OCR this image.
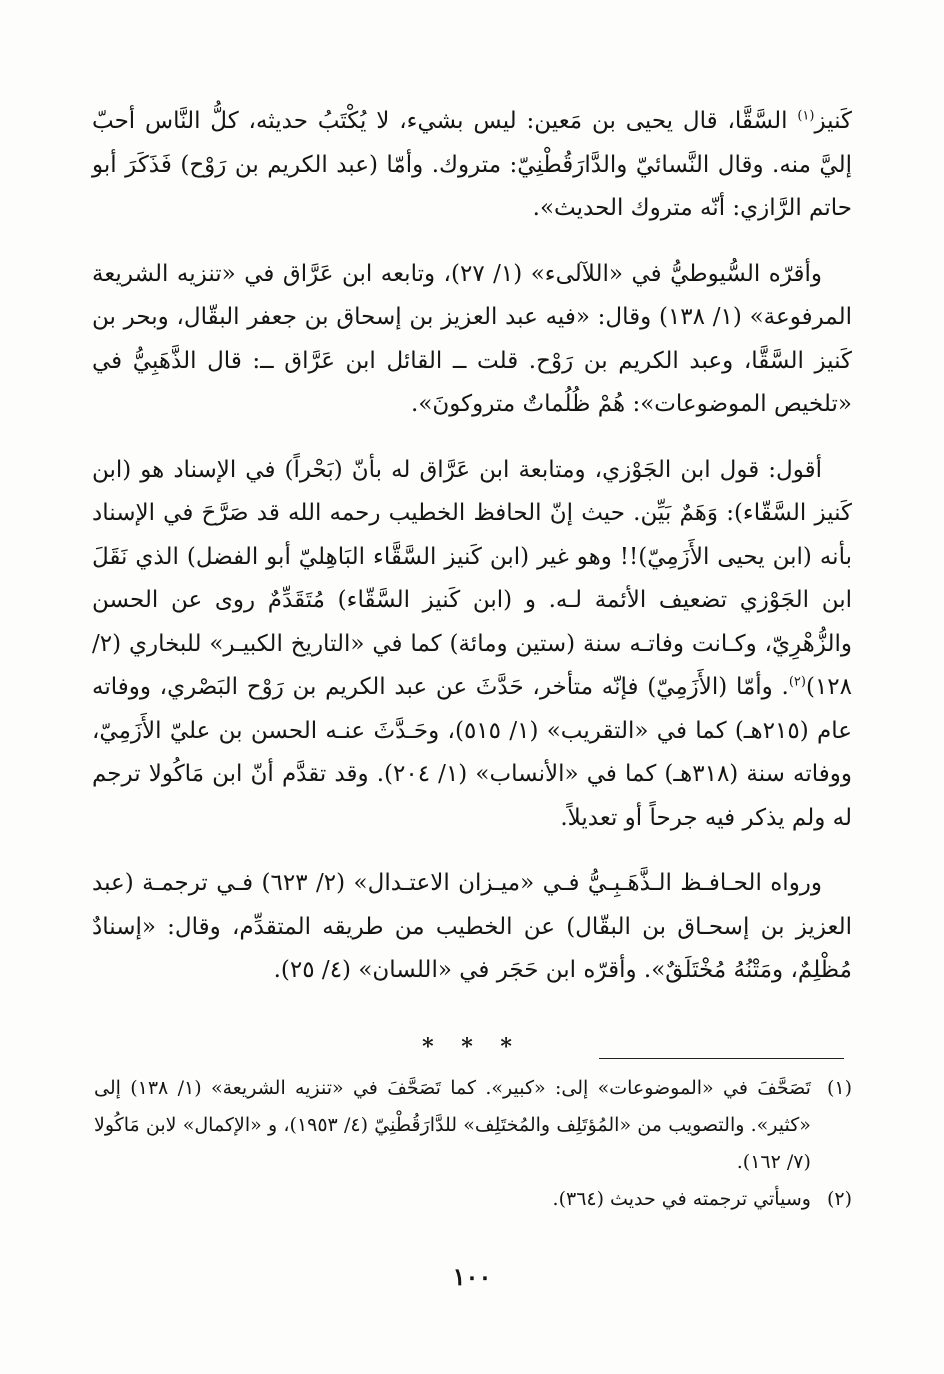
كَنيز$^{(١)}$ السَّقَّا، قال يحيى بن مَعين: ليس بشيء، لا يُكْتَبُ حديثه، كلُّ النَّاس أحبّ إليَّ منه. وقال النَّسائيّ والدَّارَقُطْنِيّ: متروك. وأمّا (عبد الكريم بن رَوْح) فَذَكَرَ أبو حاتم الرَّازي: أنّه متروك الحديث».

وأقرّه السُّيوطيُّ في «اللآلىء» (١/ ٢٧)، وتابعه ابن عَرَّاق في «تنزيه الشريعة المرفوعة» (١/ ١٣٨) وقال: «فيه عبد العزيز بن إسحاق بن جعفر البقّال، وبحر بن كَنيز السَّقَّا، وعبد الكريم بن رَوْح. قلت ــ القائل ابن عَرَّاق ــ: قال الذَّهَبِيُّ في «تلخيص الموضوعات»: هُمْ ظُلُماتٌ متروكونَ».

أقول: قول ابن الجَوْزي، ومتابعة ابن عَرَّاق له بأنّ (بَحْراً) في الإسناد هو (ابن كَنيز السَّقّاء): وَهَمٌ بَيِّن. حيث إنّ الحافظ الخطيب رحمه الله قد صَرَّحَ في الإسناد بأنه (ابن يحيى الأَزَمِيّ)!! وهو غير (ابن كَنيز السَّقَّاء البَاهِليّ أبو الفضل) الذي نَقَلَ ابن الجَوْزي تضعيف الأئمة لـه. و (ابن كَنيز السَّقّاء) مُتَقَدِّمٌ روى عن الحسن والزُّهْرِيّ، وكـانت وفاتـه سنة (ستين ومائة) كما في «التاريخ الكبيـر» للبخاري (٢/ ١٢٨)$^{(٢)}$. وأمّا (الأَزَمِيّ) فإنّه متأخر، حَدَّثَ عن عبد الكريم بن رَوْح البَصْري، ووفاته عام (٢١٥هـ) كما في «التقريب» (١/ ٥١٥)، وحَـدَّثَ عنـه الحسن بن عليّ الأَزَمِيّ، ووفاته سنة (٣١٨هـ) كما في «الأنساب» (١/ ٢٠٤). وقد تقدَّم أنّ ابن مَاكُولا ترجم له ولم يذكر فيه جرحاً أو تعديلاً.

ورواه الحـافـظ الـذَّهَـبِـيُّ فـي «ميـزان الاعتـدال» (٢/ ٦٢٣) فـي ترجمـة (عبد العزيز بن إسحـاق بن البقّال) عن الخطيب من طريقه المتقدِّم، وقال: «إسنادٌ مُظْلِمٌ، ومَتْنُهُ مُخْتَلَقٌ». وأقرّه ابن حَجَر في «اللسان» (٤/ ٢٥).

* * *
(١)
تَصَحَّفَ في «الموضوعات» إلى: «كبير». كما تَصَحَّفَ في «تنزيه الشريعة» (١/ ١٣٨) إلى «كثير». والتصويب من «المُؤتَلِف والمُختَلِف» للدَّارَقُطْنِيّ (٤/ ١٩٥٣)، و «الإكمال» لابن مَاكُولا (٧/ ١٦٢).
(٢)
وسيأتي ترجمته في حديث (٣٦٤).
١٠٠
